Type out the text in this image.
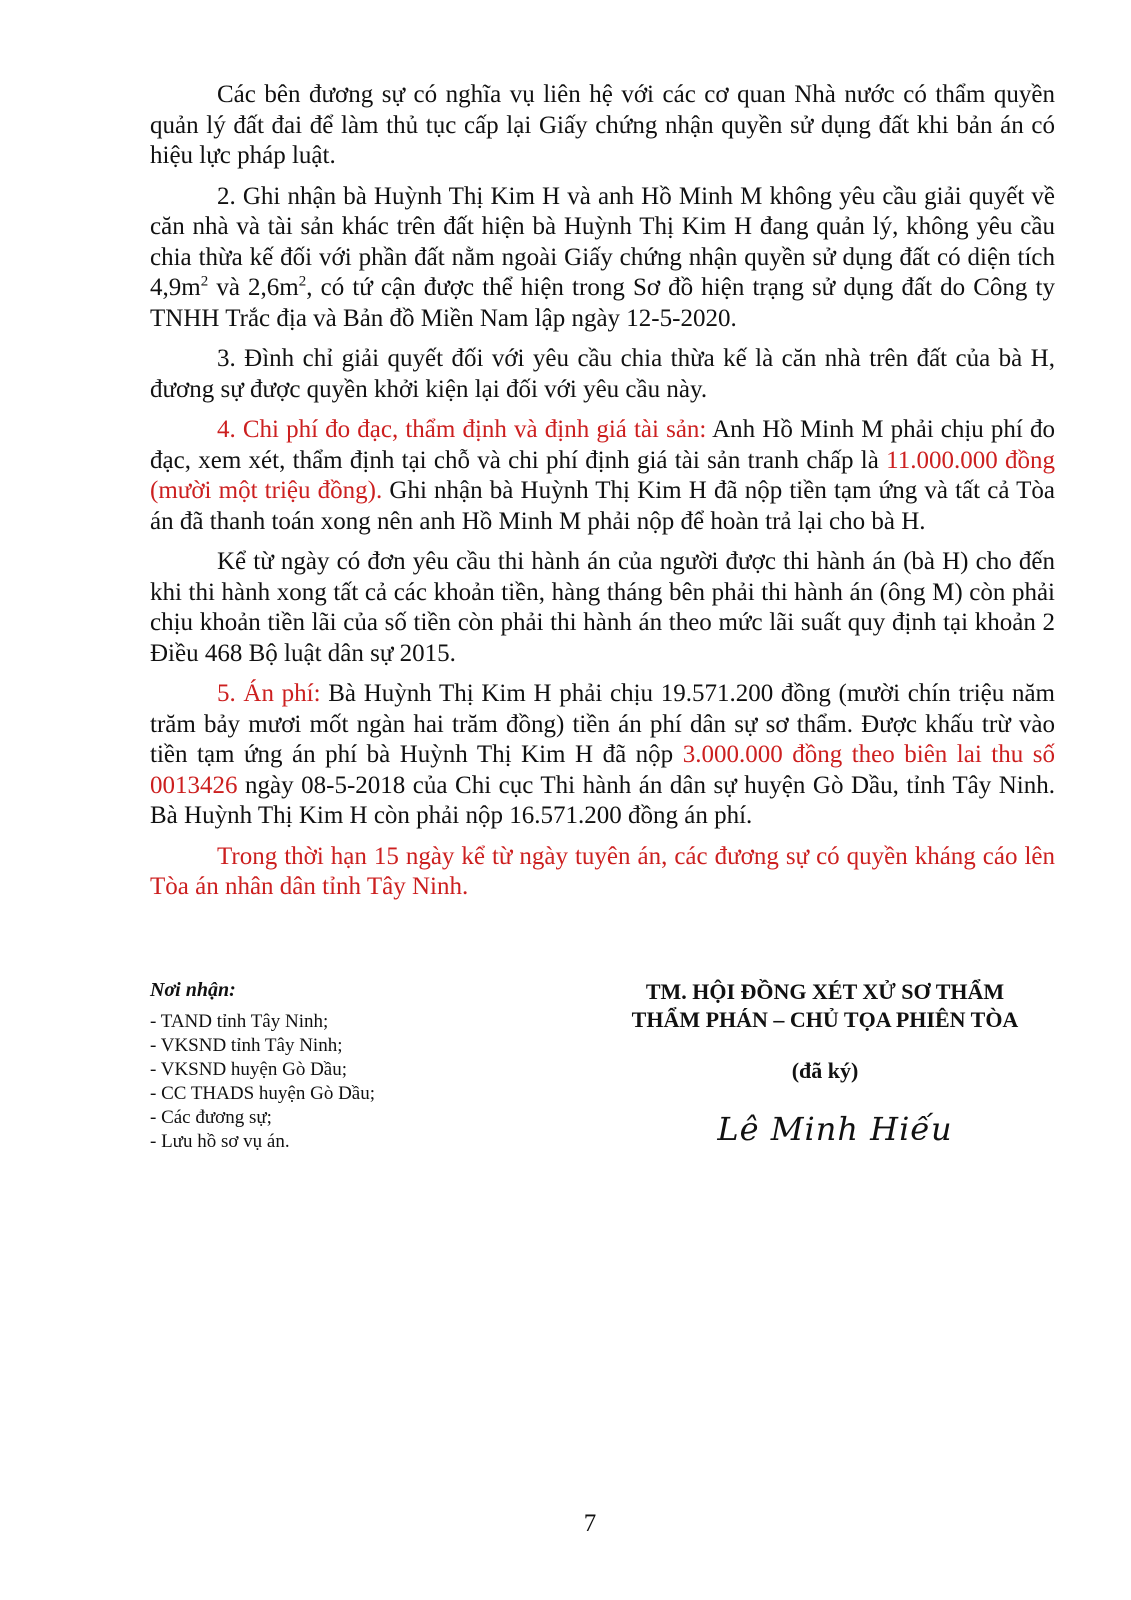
Các bên đương sự có nghĩa vụ liên hệ với các cơ quan Nhà nước có thẩm quyền quản lý đất đai để làm thủ tục cấp lại Giấy chứng nhận quyền sử dụng đất khi bản án có hiệu lực pháp luật.

2. Ghi nhận bà Huỳnh Thị Kim H và anh Hồ Minh M không yêu cầu giải quyết về căn nhà và tài sản khác trên đất hiện bà Huỳnh Thị Kim H đang quản lý, không yêu cầu chia thừa kế đối với phần đất nằm ngoài Giấy chứng nhận quyền sử dụng đất có diện tích $4,9m^2$ và $2,6m^2$, có tứ cận được thể hiện trong Sơ đồ hiện trạng sử dụng đất do Công ty TNHH Trắc địa và Bản đồ Miền Nam lập ngày 12-5-2020.

3. Đình chỉ giải quyết đối với yêu cầu chia thừa kế là căn nhà trên đất của bà H, đương sự được quyền khởi kiện lại đối với yêu cầu này.

4. Chi phí đo đạc, thẩm định và định giá tài sản: Anh Hồ Minh M phải chịu phí đo đạc, xem xét, thẩm định tại chỗ và chi phí định giá tài sản tranh chấp là 11.000.000 đồng (mười một triệu đồng). Ghi nhận bà Huỳnh Thị Kim H đã nộp tiền tạm ứng và tất cả Tòa án đã thanh toán xong nên anh Hồ Minh M phải nộp để hoàn trả lại cho bà H.

Kể từ ngày có đơn yêu cầu thi hành án của người được thi hành án (bà H) cho đến khi thi hành xong tất cả các khoản tiền, hàng tháng bên phải thi hành án (ông M) còn phải chịu khoản tiền lãi của số tiền còn phải thi hành án theo mức lãi suất quy định tại khoản 2 Điều 468 Bộ luật dân sự 2015.

5. Án phí: Bà Huỳnh Thị Kim H phải chịu 19.571.200 đồng (mười chín triệu năm trăm bảy mươi mốt ngàn hai trăm đồng) tiền án phí dân sự sơ thẩm. Được khấu trừ vào tiền tạm ứng án phí bà Huỳnh Thị Kim H đã nộp 3.000.000 đồng theo biên lai thu số 0013426 ngày 08-5-2018 của Chi cục Thi hành án dân sự huyện Gò Dầu, tỉnh Tây Ninh. Bà Huỳnh Thị Kim H còn phải nộp 16.571.200 đồng án phí.

Trong thời hạn 15 ngày kể từ ngày tuyên án, các đương sự có quyền kháng cáo lên Tòa án nhân dân tỉnh Tây Ninh.

Nơi nhận:
- TAND tỉnh Tây Ninh;
- VKSND tỉnh Tây Ninh;
- VKSND huyện Gò Dầu;
- CC THADS huyện Gò Dầu;
- Các đương sự;
- Lưu hồ sơ vụ án.
TM. HỘI ĐỒNG XÉT XỬ SƠ THẨM
THẨM PHÁN – CHỦ TỌA PHIÊN TÒA
(đã ký)
Lê Minh Hiếu
7
